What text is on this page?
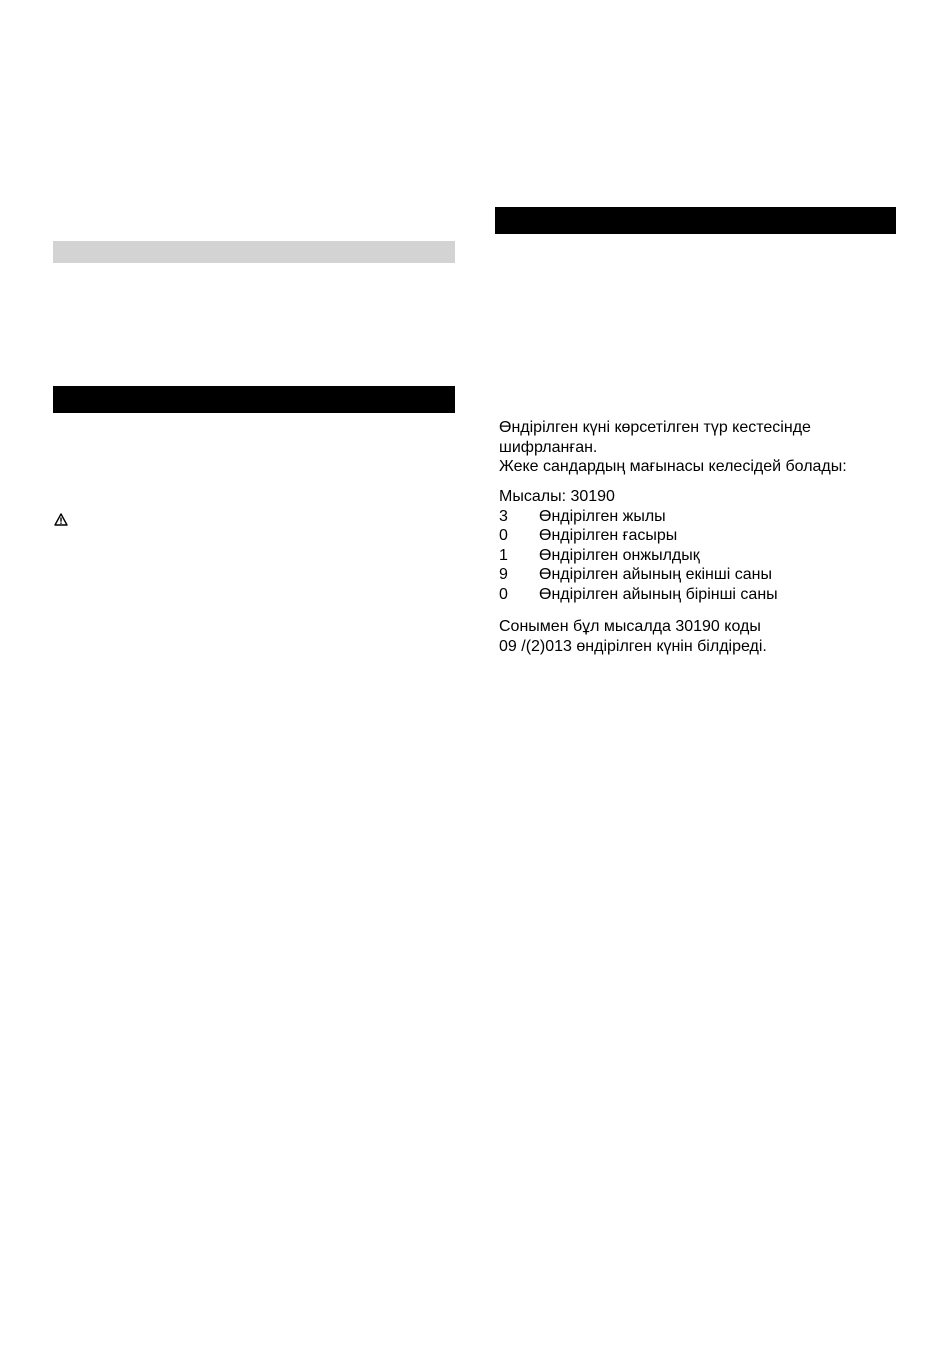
Өндірілген күні көрсетілген түр кестесінде
шифрланған.
Жеке сандардың мағынасы келесідей болады:
Мысалы: 30190
3 Өндірілген жылы
0 Өндірілген ғасыры
1 Өндірілген онжылдық
9 Өндірілген айының екінші саны
0 Өндірілген айының бірінші саны
Сонымен бұл мысалда 30190 коды
09 /(2)013 өндірілген күнін білдіреді.
